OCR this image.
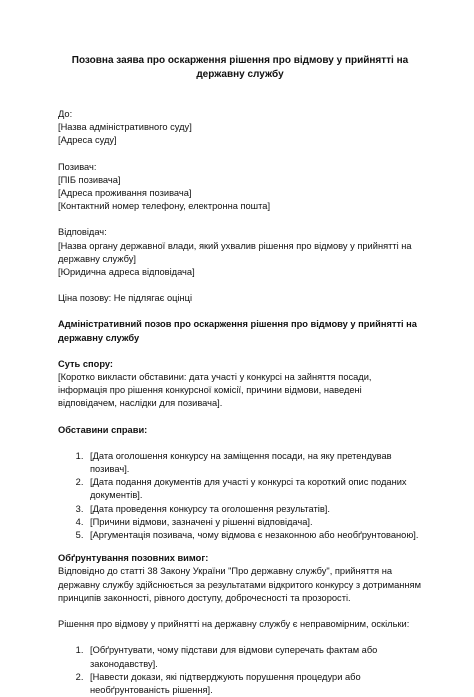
Позовна заява про оскарження рішення про відмову у прийнятті на державну службу
До:
[Назва адміністративного суду]
[Адреса суду]
Позивач:
[ПІБ позивача]
[Адреса проживання позивача]
[Контактний номер телефону, електронна пошта]
Відповідач:
[Назва органу державної влади, який ухвалив рішення про відмову у прийнятті на державну службу]
[Юридична адреса відповідача]
Ціна позову: Не підлягає оцінці
Адміністративний позов про оскарження рішення про відмову у прийнятті на державну службу
Суть спору:
[Коротко викласти обставини: дата участі у конкурсі на зайняття посади, інформація про рішення конкурсної комісії, причини відмови, наведені відповідачем, наслідки для позивача].
Обставини справи:
1. [Дата оголошення конкурсу на заміщення посади, на яку претендував позивач].
2. [Дата подання документів для участі у конкурсі та короткий опис поданих документів].
3. [Дата проведення конкурсу та оголошення результатів].
4. [Причини відмови, зазначені у рішенні відповідача].
5. [Аргументація позивача, чому відмова є незаконною або необґрунтованою].
Обґрунтування позовних вимог:
Відповідно до статті 38 Закону України "Про державну службу", прийняття на державну службу здійснюється за результатами відкритого конкурсу з дотриманням принципів законності, рівного доступу, доброчесності та прозорості.
Рішення про відмову у прийнятті на державну службу є неправомірним, оскільки:
1. [Обґрунтувати, чому підстави для відмови суперечать фактам або законодавству].
2. [Навести докази, які підтверджують порушення процедури або необґрунтованість рішення].
